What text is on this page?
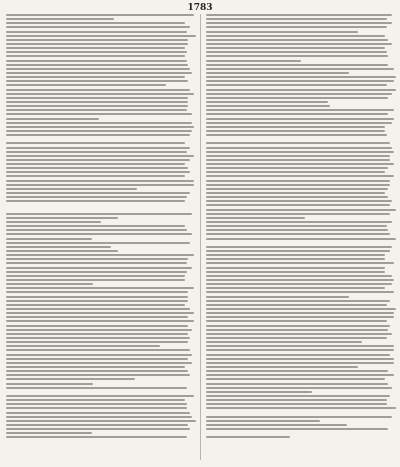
1783
